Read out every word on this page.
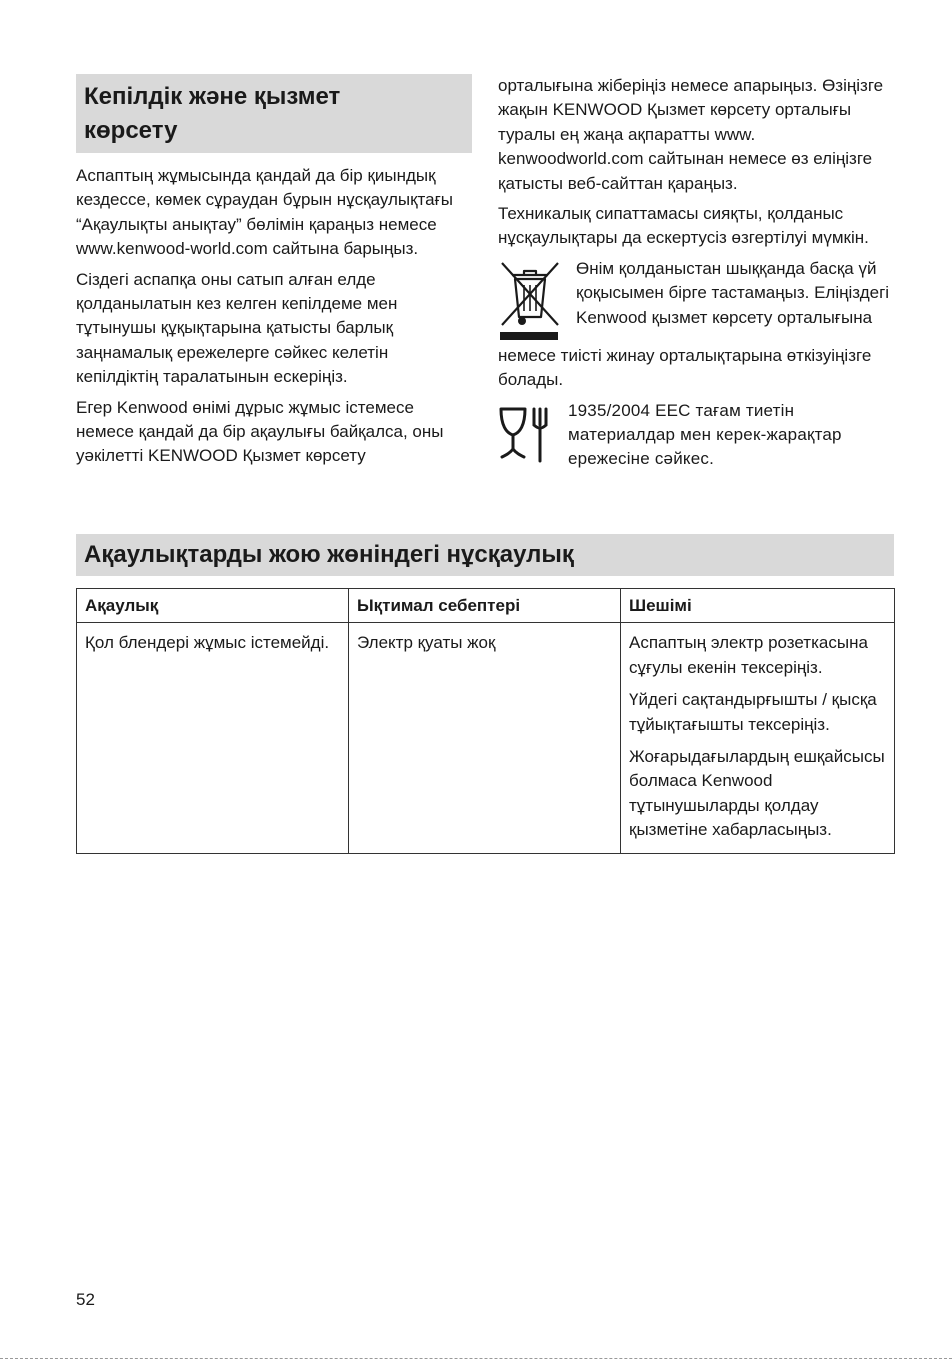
Кепілдік және қызмет
көрсету

Аспаптың жұмысында қандай да бір қиындық кездессе, көмек сұраудан бұрын нұсқаулықтағы “Ақаулықты анықтау” бөлімін қараңыз немесе www.kenwood-world.com сайтына барыңыз.

Сіздегі аспапқа оны сатып алған елде қолданылатын кез келген кепілдеме мен тұтынушы құқықтарына қатысты барлық заңнамалық ережелерге сәйкес келетін кепілдіктің таралатынын ескеріңіз.

Егер Kenwood өнімі дұрыс жұмыс істемесе немесе қандай да бір ақаулығы байқалса, оны уәкілетті KENWOOD Қызмет көрсету

орталығына жіберіңіз немесе апарыңыз. Өзіңізге жақын KENWOOD Қызмет көрсету орталығы туралы ең жаңа ақпаратты www. kenwoodworld.com сайтынан немесе өз еліңізге қатысты веб-сайттан қараңыз.

Техникалық сипаттамасы сияқты, қолданыс нұсқаулықтары да ескертусіз өзгертілуі мүмкін.

Өнім қолданыстан шыққанда басқа үй қоқысымен бірге тастамаңыз. Еліңіздегі Kenwood қызмет көрсету орталығына

немесе тиісті жинау орталықтарына өткізуіңізге болады.

1935/2004 ЕЕС тағам тиетін материалдар мен керек-жарақтар ережесіне сәйкес.

Ақаулықтарды жою жөніндегі нұсқаулық
Ақаулық	Ықтимал себептері	Шешімі
Қол блендері жұмыс істемейді.	Электр қуаты жоқ	Аспаптың электр розеткасына сұғулы екенін тексеріңіз.

Үйдегі сақтандырғышты / қысқа тұйықтағышты тексеріңіз.

Жоғарыдағылардың ешқайсысы болмаса Kenwood тұтынушыларды қолдау қызметіне хабарласыңыз.

52
